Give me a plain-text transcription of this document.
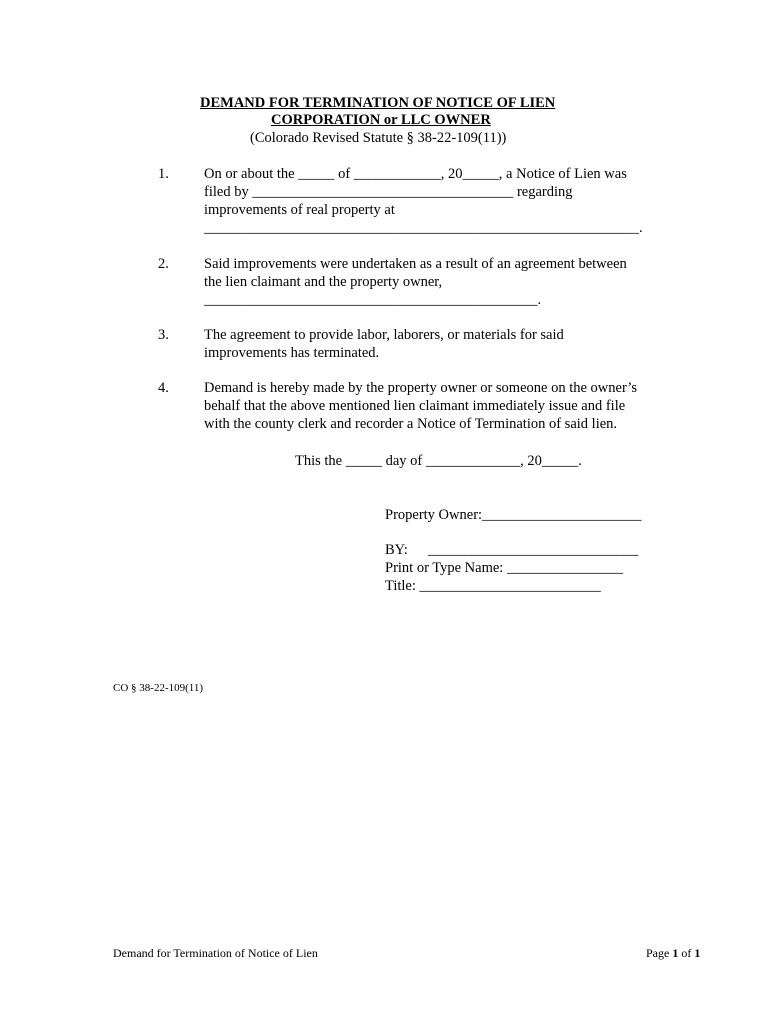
DEMAND FOR TERMINATION OF NOTICE OF LIEN
CORPORATION or LLC OWNER
(Colorado Revised Statute § 38-22-109(11))
1. On or about the _____ of ____________, 20_____, a Notice of Lien was
filed by ____________________________________ regarding
improvements of real property at
____________________________________________________________.
2. Said improvements were undertaken as a result of an agreement between
the lien claimant and the property owner,
______________________________________________.
3. The agreement to provide labor, laborers, or materials for said
improvements has terminated.
4. Demand is hereby made by the property owner or someone on the owner’s
behalf that the above mentioned lien claimant immediately issue and file
with the county clerk and recorder a Notice of Termination of said lien.
This the _____ day of _____________, 20_____.
Property Owner:______________________
BY: _____________________________
Print or Type Name: ________________
Title: _________________________
CO § 38-22-109(11)
Demand for Termination of Notice of Lien	Page 1 of 1
